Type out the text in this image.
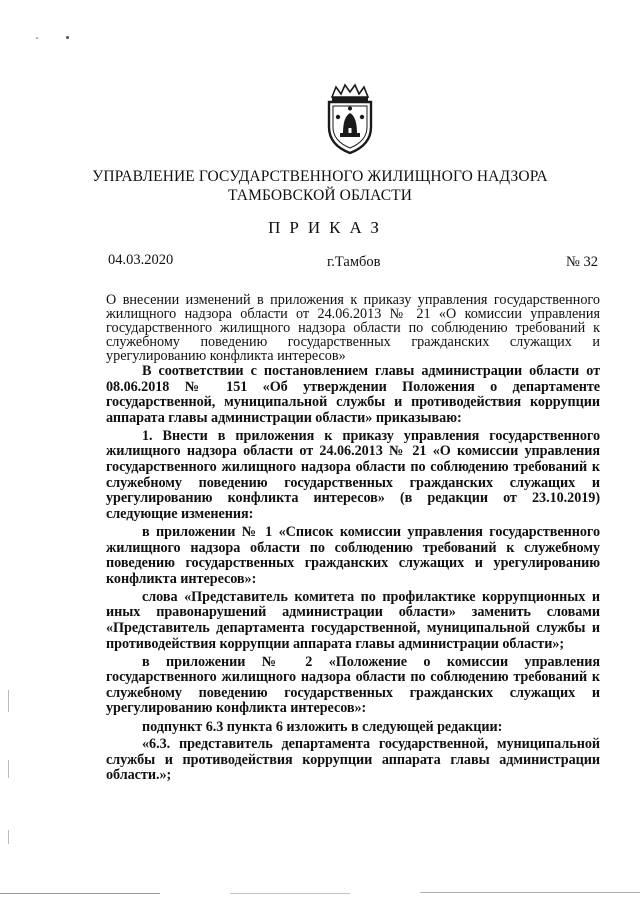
УПРАВЛЕНИЕ ГОСУДАРСТВЕННОГО ЖИЛИЩНОГО НАДЗОРА
ТАМБОВСКОЙ ОБЛАСТИ
ПРИКАЗ
04.03.2020	г.Тамбов	№ 32
О внесении изменений в приложения к приказу управления государственного жилищного надзора области от 24.06.2013 № 21 «О комиссии управления государственного жилищного надзора области по соблюдению требований к служебному поведению государственных гражданских служащих и урегулированию конфликта интересов»

В соответствии с постановлением главы администрации области от 08.06.2018 № 151 «Об утверждении Положения о департаменте государственной, муниципальной службы и противодействия коррупции аппарата главы администрации области» приказываю:

1. Внести в приложения к приказу управления государственного жилищного надзора области от 24.06.2013 № 21 «О комиссии управления государственного жилищного надзора области по соблюдению требований к служебному поведению государственных гражданских служащих и урегулированию конфликта интересов» (в редакции от 23.10.2019) следующие изменения:

в приложении № 1 «Список комиссии управления государственного жилищного надзора области по соблюдению требований к служебному поведению государственных гражданских служащих и урегулированию конфликта интересов»:

слова «Представитель комитета по профилактике коррупционных и иных правонарушений администрации области» заменить словами «Представитель департамента государственной, муниципальной службы и противодействия коррупции аппарата главы администрации области»;

в приложении № 2 «Положение о комиссии управления государственного жилищного надзора области по соблюдению требований к служебному поведению государственных гражданских служащих и урегулированию конфликта интересов»:

подпункт 6.3 пункта 6 изложить в следующей редакции:

«6.3. представитель департамента государственной, муниципальной службы и противодействия коррупции аппарата главы администрации области.»;
